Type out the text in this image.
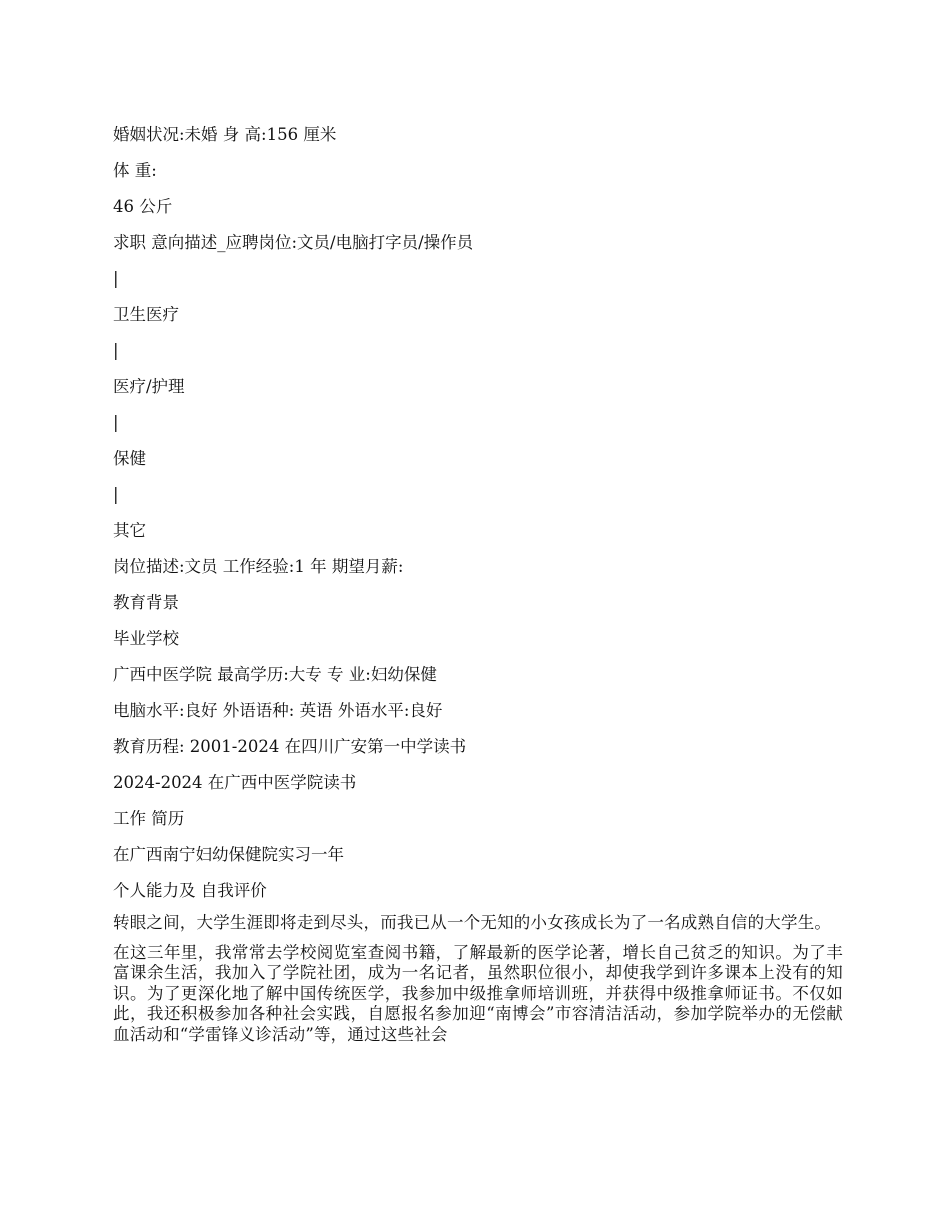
婚姻状况:未婚 身 高:156 厘米
体 重:
46 公斤
求职 意向描述_应聘岗位:文员/电脑打字员/操作员
|
卫生医疗
|
医疗/护理
|
保健
|
其它
岗位描述:文员 工作经验:1 年 期望月薪:
教育背景
毕业学校
广西中医学院 最高学历:大专 专 业:妇幼保健
电脑水平:良好 外语语种: 英语 外语水平:良好
教育历程: 2001-2024 在四川广安第一中学读书
2024-2024 在广西中医学院读书
工作 简历
在广西南宁妇幼保健院实习一年
个人能力及 自我评价

转眼之间，大学生涯即将走到尽头，而我已从一个无知的小女孩成长为了一名成熟自信的大学生。

在这三年里，我常常去学校阅览室查阅书籍，了解最新的医学论著，增长自己贫乏的知识。为了丰富课余生活，我加入了学院社团，成为一名记者，虽然职位很小，却使我学到许多课本上没有的知识。为了更深化地了解中国传统医学，我参加中级推拿师培训班，并获得中级推拿师证书。不仅如此，我还积极参加各种社会实践，自愿报名参加迎“南博会”市容清洁活动，参加学院举办的无偿献血活动和“学雷锋义诊活动”等，通过这些社会
